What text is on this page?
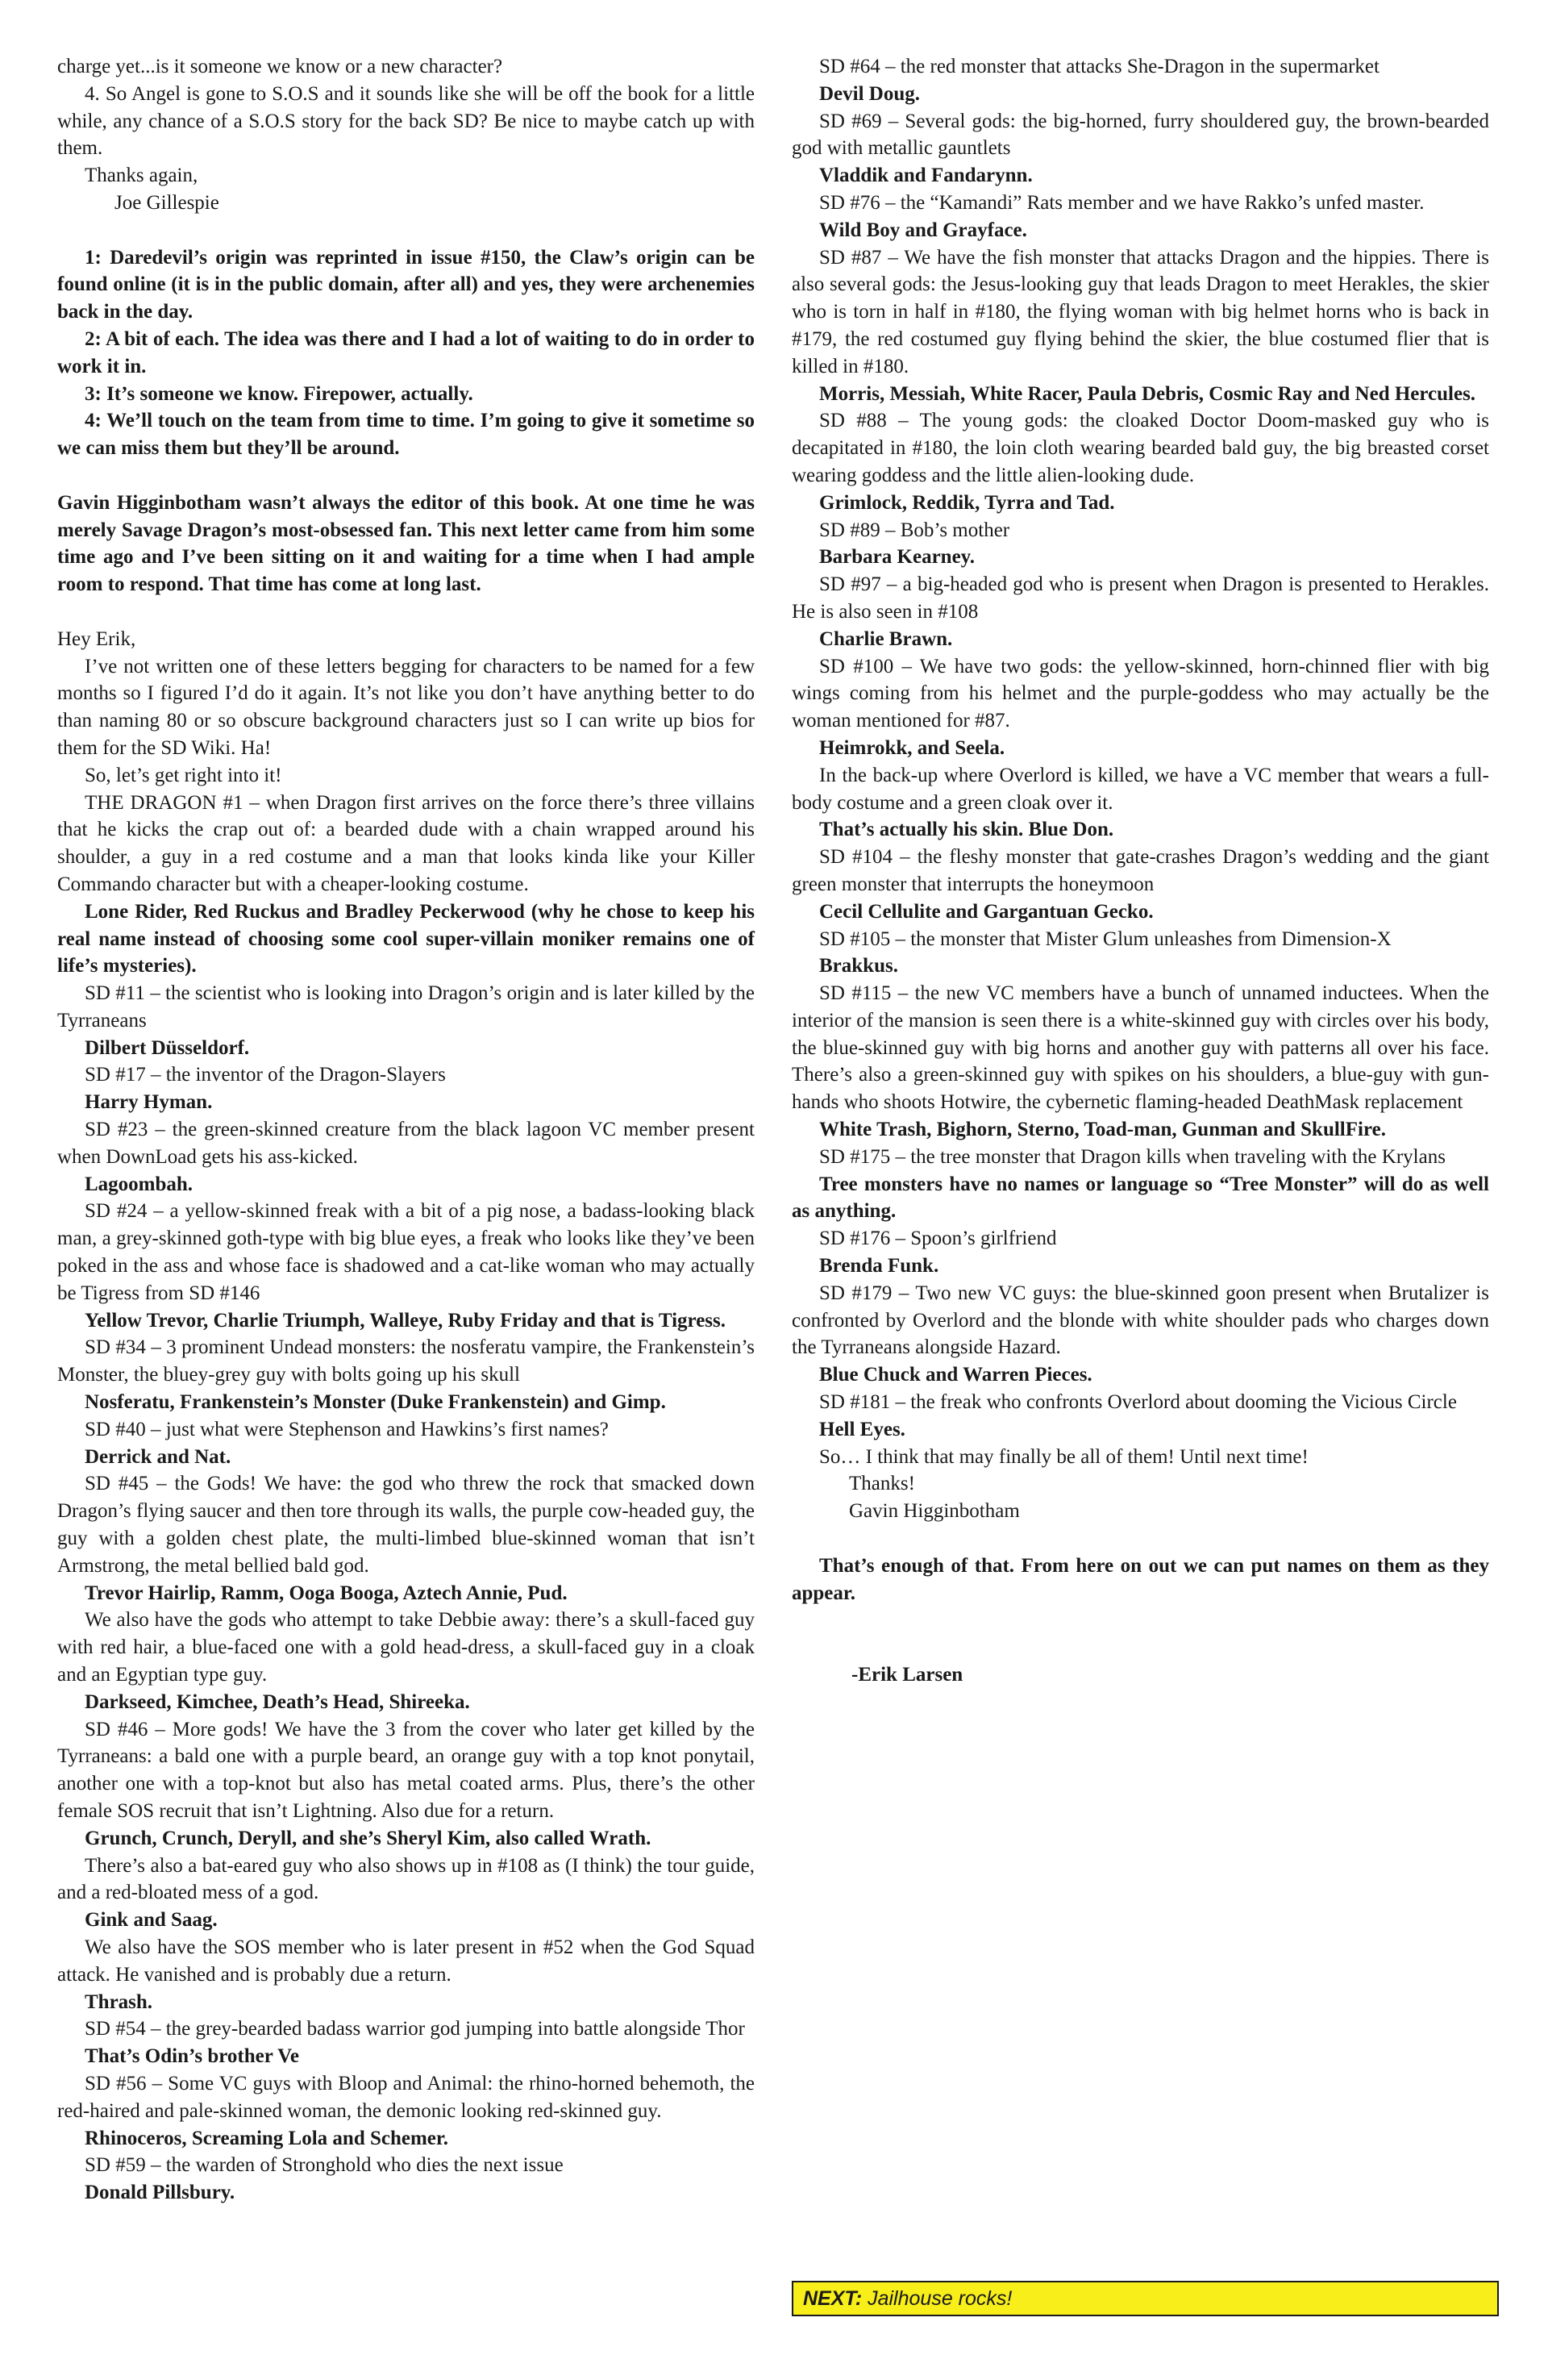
charge yet...is it someone we know or a new character?

4. So Angel is gone to S.O.S and it sounds like she will be off the book for a little while, any chance of a S.O.S story for the back SD? Be nice to maybe catch up with them.

Thanks again,

Joe Gillespie

1: Daredevil’s origin was reprinted in issue #150, the Claw’s origin can be found online (it is in the public domain, after all) and yes, they were archenemies back in the day.

2: A bit of each. The idea was there and I had a lot of waiting to do in order to work it in.

3: It’s someone we know. Firepower, actually.

4: We’ll touch on the team from time to time. I’m going to give it sometime so we can miss them but they’ll be around.

Gavin Higginbotham wasn’t always the editor of this book. At one time he was merely Savage Dragon’s most-obsessed fan. This next letter came from him some time ago and I’ve been sitting on it and waiting for a time when I had ample room to respond. That time has come at long last.

Hey Erik,

I’ve not written one of these letters begging for characters to be named for a few months so I figured I’d do it again. It’s not like you don’t have anything better to do than naming 80 or so obscure background characters just so I can write up bios for them for the SD Wiki. Ha!

So, let’s get right into it!

THE DRAGON #1 – when Dragon first arrives on the force there’s three villains that he kicks the crap out of: a bearded dude with a chain wrapped around his shoulder, a guy in a red costume and a man that looks kinda like your Killer Commando character but with a cheaper-looking costume.

Lone Rider, Red Ruckus and Bradley Peckerwood (why he chose to keep his real name instead of choosing some cool super-villain moniker remains one of life’s mysteries).

SD #11 – the scientist who is looking into Dragon’s origin and is later killed by the Tyrraneans

Dilbert Düsseldorf.

SD #17 – the inventor of the Dragon-Slayers

Harry Hyman.

SD #23 – the green-skinned creature from the black lagoon VC member present when DownLoad gets his ass-kicked.

Lagoombah.

SD #24 – a yellow-skinned freak with a bit of a pig nose, a badass-looking black man, a grey-skinned goth-type with big blue eyes, a freak who looks like they’ve been poked in the ass and whose face is shadowed and a cat-like woman who may actually be Tigress from SD #146

Yellow Trevor, Charlie Triumph, Walleye, Ruby Friday and that is Tigress.

SD #34 – 3 prominent Undead monsters: the nosferatu vampire, the Frankenstein’s Monster, the bluey-grey guy with bolts going up his skull

Nosferatu, Frankenstein’s Monster (Duke Frankenstein) and Gimp.

SD #40 – just what were Stephenson and Hawkins’s first names?

Derrick and Nat.

SD #45 – the Gods! We have: the god who threw the rock that smacked down Dragon’s flying saucer and then tore through its walls, the purple cow-headed guy, the guy with a golden chest plate, the multi-limbed blue-skinned woman that isn’t Armstrong, the metal bellied bald god.

Trevor Hairlip, Ramm, Ooga Booga, Aztech Annie, Pud.

We also have the gods who attempt to take Debbie away: there’s a skull-faced guy with red hair, a blue-faced one with a gold head-dress, a skull-faced guy in a cloak and an Egyptian type guy.

Darkseed, Kimchee, Death’s Head, Shireeka.

SD #46 – More gods! We have the 3 from the cover who later get killed by the Tyrraneans: a bald one with a purple beard, an orange guy with a top knot ponytail, another one with a top-knot but also has metal coated arms. Plus, there’s the other female SOS recruit that isn’t Lightning. Also due for a return.

Grunch, Crunch, Deryll, and she’s Sheryl Kim, also called Wrath.

There’s also a bat-eared guy who also shows up in #108 as (I think) the tour guide, and a red-bloated mess of a god.

Gink and Saag.

We also have the SOS member who is later present in #52 when the God Squad attack. He vanished and is probably due a return.

Thrash.

SD #54 – the grey-bearded badass warrior god jumping into battle alongside Thor

That’s Odin’s brother Ve

SD #56 – Some VC guys with Bloop and Animal: the rhino-horned behemoth, the red-haired and pale-skinned woman, the demonic looking red-skinned guy.

Rhinoceros, Screaming Lola and Schemer.

SD #59 – the warden of Stronghold who dies the next issue

Donald Pillsbury.

SD #64 – the red monster that attacks She-Dragon in the supermarket

Devil Doug.

SD #69 – Several gods: the big-horned, furry shouldered guy, the brown-bearded god with metallic gauntlets

Vladdik and Fandarynn.

SD #76 – the “Kamandi” Rats member and we have Rakko’s unfed master.

Wild Boy and Grayface.

SD #87 – We have the fish monster that attacks Dragon and the hippies. There is also several gods: the Jesus-looking guy that leads Dragon to meet Herakles, the skier who is torn in half in #180, the flying woman with big helmet horns who is back in #179, the red costumed guy flying behind the skier, the blue costumed flier that is killed in #180.

Morris, Messiah, White Racer, Paula Debris, Cosmic Ray and Ned Hercules.

SD #88 – The young gods: the cloaked Doctor Doom-masked guy who is decapitated in #180, the loin cloth wearing bearded bald guy, the big breasted corset wearing goddess and the little alien-looking dude.

Grimlock, Reddik, Tyrra and Tad.

SD #89 – Bob’s mother

Barbara Kearney.

SD #97 – a big-headed god who is present when Dragon is presented to Herakles. He is also seen in #108

Charlie Brawn.

SD #100 – We have two gods: the yellow-skinned, horn-chinned flier with big wings coming from his helmet and the purple-goddess who may actually be the woman mentioned for #87.

Heimrokk, and Seela.

In the back-up where Overlord is killed, we have a VC member that wears a full-body costume and a green cloak over it.

That’s actually his skin. Blue Don.

SD #104 – the fleshy monster that gate-crashes Dragon’s wedding and the giant green monster that interrupts the honeymoon

Cecil Cellulite and Gargantuan Gecko.

SD #105 – the monster that Mister Glum unleashes from Dimension-X

Brakkus.

SD #115 – the new VC members have a bunch of unnamed inductees. When the interior of the mansion is seen there is a white-skinned guy with circles over his body, the blue-skinned guy with big horns and another guy with patterns all over his face. There’s also a green-skinned guy with spikes on his shoulders, a blue-guy with gun-hands who shoots Hotwire, the cybernetic flaming-headed DeathMask replacement

White Trash, Bighorn, Sterno, Toad-man, Gunman and SkullFire.

SD #175 – the tree monster that Dragon kills when traveling with the Krylans

Tree monsters have no names or language so “Tree Monster” will do as well as anything.

SD #176 – Spoon’s girlfriend

Brenda Funk.

SD #179 – Two new VC guys: the blue-skinned goon present when Brutalizer is confronted by Overlord and the blonde with white shoulder pads who charges down the Tyrraneans alongside Hazard.

Blue Chuck and Warren Pieces.

SD #181 – the freak who confronts Overlord about dooming the Vicious Circle

Hell Eyes.

So… I think that may finally be all of them! Until next time!

Thanks!

Gavin Higginbotham

That’s enough of that. From here on out we can put names on them as they appear.

-Erik Larsen

NEXT: Jailhouse rocks!
